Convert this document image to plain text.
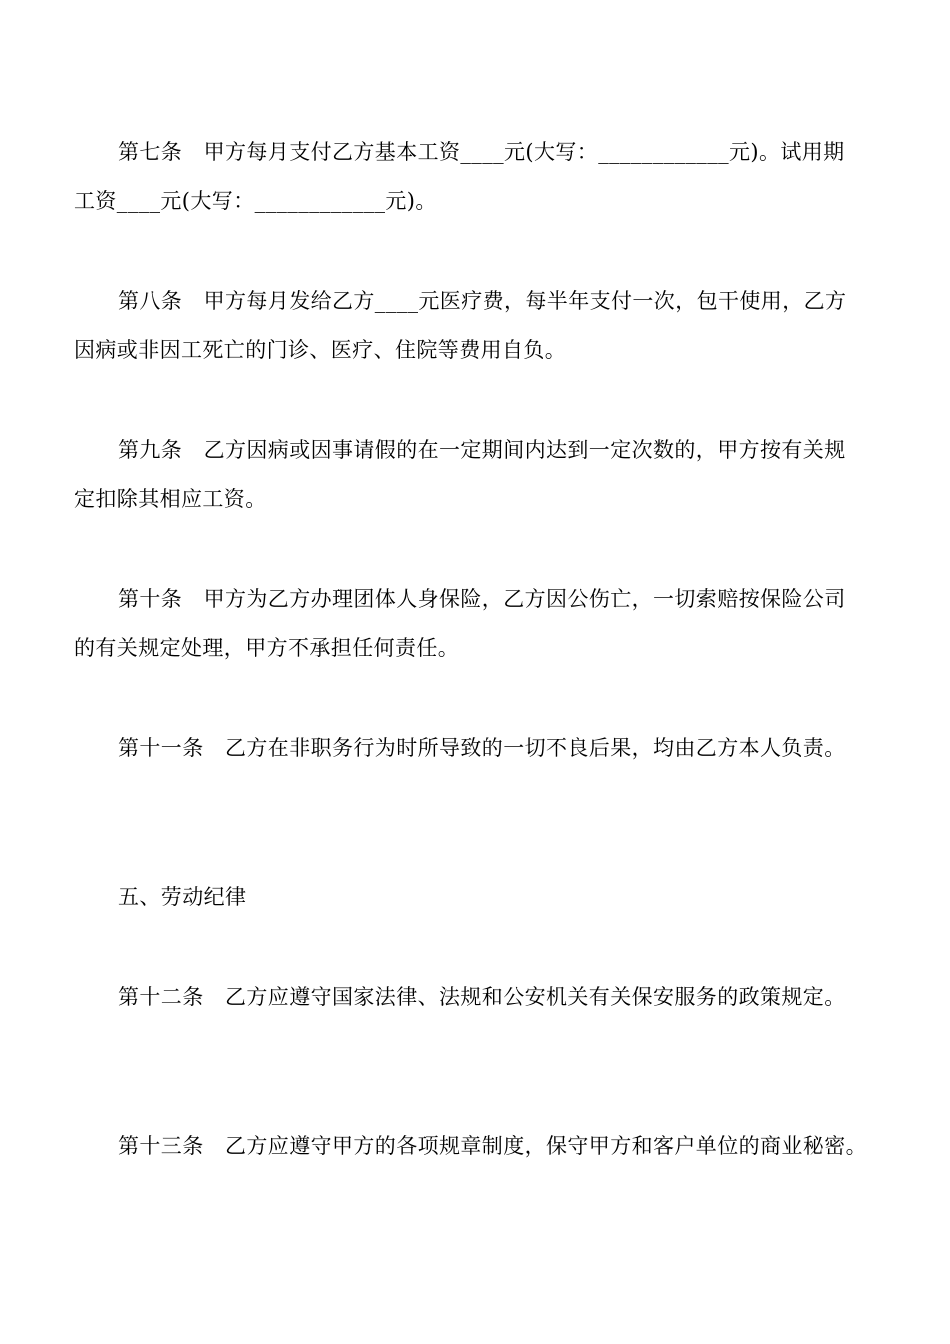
第七条　甲方每月支付乙方基本工资____元(大写：____________元)。试用期
工资____元(大写：____________元)。
第八条　甲方每月发给乙方____元医疗费，每半年支付一次，包干使用，乙方
因病或非因工死亡的门诊、医疗、住院等费用自负。
第九条　乙方因病或因事请假的在一定期间内达到一定次数的，甲方按有关规
定扣除其相应工资。
第十条　甲方为乙方办理团体人身保险，乙方因公伤亡，一切索赔按保险公司
的有关规定处理，甲方不承担任何责任。
第十一条　乙方在非职务行为时所导致的一切不良后果，均由乙方本人负责。
五、劳动纪律
第十二条　乙方应遵守国家法律、法规和公安机关有关保安服务的政策规定。
第十三条　乙方应遵守甲方的各项规章制度，保守甲方和客户单位的商业秘密。
